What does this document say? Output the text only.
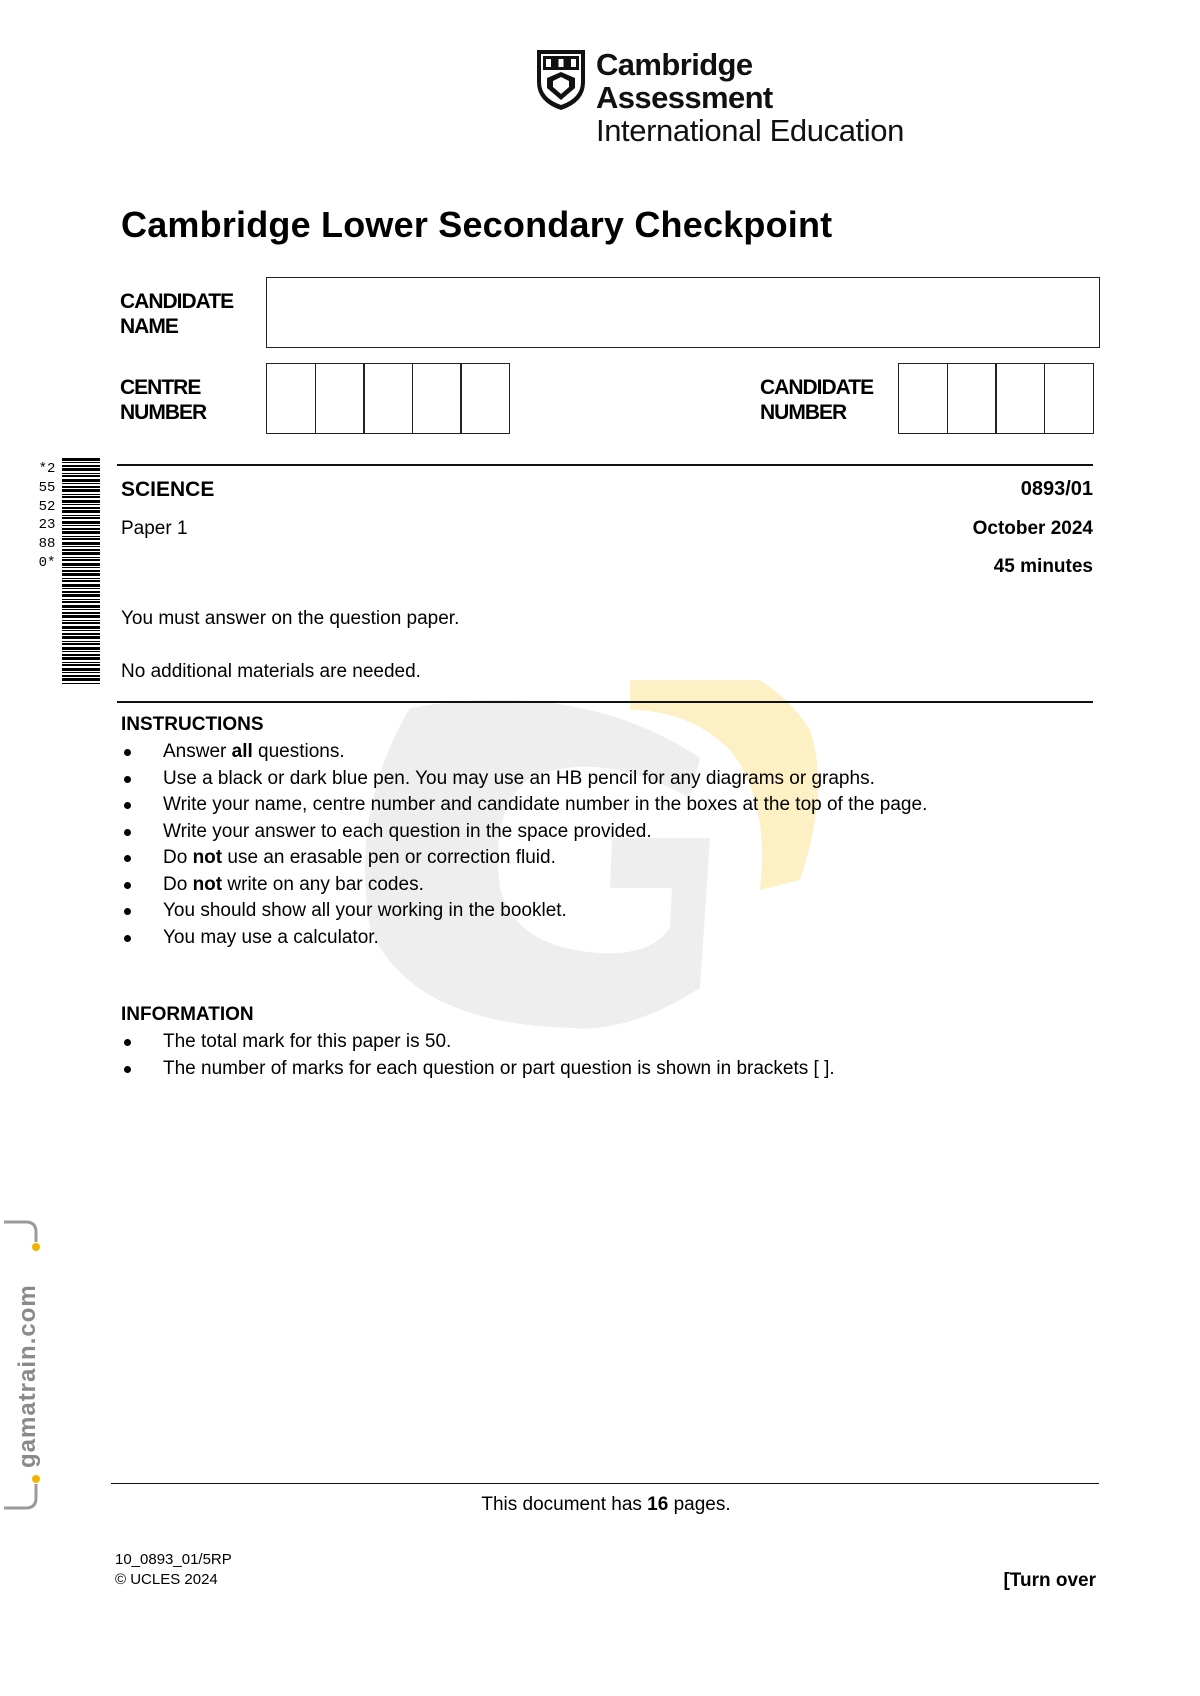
Cambridge Assessment
International Education
Cambridge Lower Secondary Checkpoint
CANDIDATE
NAME
CENTRE
NUMBER
CANDIDATE
NUMBER
*2555223880*
SCIENCE
Paper 1
0893/01
October 2024
45 minutes
You must answer on the question paper.
No additional materials are needed.
INSTRUCTIONS
Answer all questions.
Use a black or dark blue pen. You may use an HB pencil for any diagrams or graphs.
Write your name, centre number and candidate number in the boxes at the top of the page.
Write your answer to each question in the space provided.
Do not use an erasable pen or correction fluid.
Do not write on any bar codes.
You should show all your working in the booklet.
You may use a calculator.
INFORMATION
The total mark for this paper is 50.
The number of marks for each question or part question is shown in brackets [ ].
gamatrain.com
This document has 16 pages.
10_0893_01/5RP
© UCLES 2024	[Turn over
